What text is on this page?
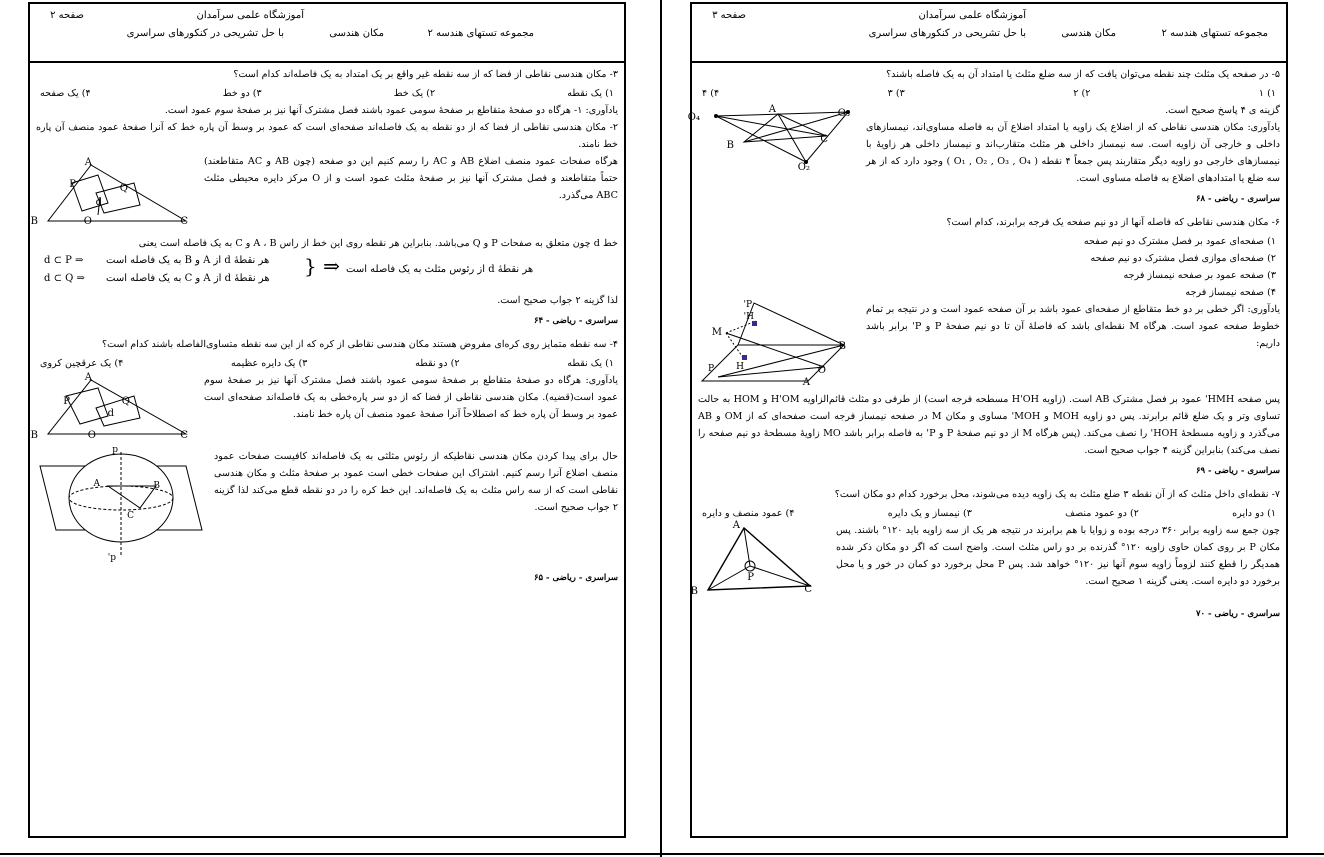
آموزشگاه علمی سرآمدان
صفحه ۲
مجموعه تستهای هندسه ۲
مکان هندسی
با حل تشریحی در کنکورهای سراسری
۳- مکان هندسی نقاطی از فضا که از سه نقطه غیر واقع بر یک امتداد به یک فاصله‌اند کدام است؟
۱) یک نقطه
۲) یک خط
۳) دو خط
۴) یک صفحه
یادآوری: ۱- هرگاه دو صفحهٔ متقاطع بر صفحهٔ سومی عمود باشند فصل مشترک آنها نیز بر صفحهٔ سوم عمود است.
۲- مکان هندسی نقاطی از فضا که از دو نقطه به یک فاصله‌اند صفحه‌ای است که عمود بر وسط آن پاره خط که آنرا صفحهٔ عمود منصف آن پاره خط نامند.
A
B	C
O
P	Q
d
هرگاه صفحات عمود منصف اضلاع AB و AC را رسم کنیم این دو صفحه (چون AB و AC متقاطعند) حتماً متقاطعند و فصل مشترک آنها نیز بر صفحهٔ مثلث عمود است و از O مرکز دایره محیطی مثلث ABC می‌گذرد.
خط d چون متعلق به صفحات P و Q می‌باشد. بنابراین هر نقطه روی این خط از راس A ، B و C به یک فاصله است یعنی
d ⊂ P ⇒ هر نقطهٔ d از A و B به یک فاصله است
d ⊂ Q ⇒ هر نقطهٔ d از A و C به یک فاصله است
} ⇒ هر نقطهٔ d از رئوس مثلث به یک فاصله است
لذا گزینه ۲ جواب صحیح است.
سراسری - ریاضی - ۶۴
۴- سه نقطه متمایز روی کره‌ای مفروض هستند مکان هندسی نقاطی از کره که از این سه نقطه متساوی‌الفاصله باشند کدام است؟
۱) یک نقطه
۲) دو نقطه
۳) یک دایره عظیمه
۴) یک عرقچین کروی
A
B	C
O
P	Q
d
یادآوری: هرگاه دو صفحهٔ متقاطع بر صفحهٔ سومی عمود باشند فصل مشترک آنها نیز بر صفحهٔ سوم عمود است(قضیه). مکان هندسی نقاطی از فضا که از دو سر پاره‌خطی به یک فاصله‌اند صفحه‌ای است عمود بر وسط آن پاره خط که اصطلاحاً آنرا صفحهٔ عمود منصف آن پاره خط نامند.
p
p'
A	B
C
حال برای پیدا کردن مکان هندسی نقاطیکه از رئوس مثلثی به یک فاصله‌اند کافیست صفحات عمود منصف اضلاع آنرا رسم کنیم. اشتراک این صفحات خطی است عمود بر صفحهٔ مثلث و مکان هندسی نقاطی است که از سه راس مثلث به یک فاصله‌اند. این خط کره را در دو نقطه قطع می‌کند لذا گزینه ۲ جواب صحیح است.
سراسری - ریاضی - ۶۵
آموزشگاه علمی سرآمدان
صفحه ۳
مجموعه تستهای هندسه ۲
مکان هندسی
با حل تشریحی در کنکورهای سراسری
۵- در صفحه یک مثلث چند نقطه می‌توان یافت که از سه ضلع مثلث یا امتداد آن به یک فاصله باشند؟
۱) ۱
۲) ۲
۳) ۳
۴) ۴
O₄	O₃
O₂
A
B
C
گزینه ی ۴ پاسخ صحیح است.
یادآوری: مکان هندسی نقاطی که از اضلاع یک زاویه یا امتداد اضلاع آن به فاصله مساوی‌اند، نیمسازهای داخلی و خارجی آن زاویه است. سه نیمساز داخلی هر مثلث متقارب‌اند و نیمساز داخلی هر زاویهٔ با نیمسازهای خارجی دو زاویه دیگر متقاربند پس جمعاً ۴ نقطه ( O₁ , O₂ , O₃ , O₄ ) وجود دارد که از هر سه ضلع یا امتدادهای اضلاع به فاصله مساوی است.
سراسری - ریاضی - ۶۸
۶- مکان هندسی نقاطی که فاصله آنها از دو نیم صفحه یک فرجه برابرند، کدام است؟
۱) صفحه‌ای عمود بر فصل مشترک دو نیم صفحه
۲) صفحه‌ای موازی فصل مشترک دو نیم صفحه
۳) صفحه عمود بر صفحه نیمساز فرجه
۴) صفحه نیمساز فرجه
M
H'
H
P'
P
B
O
A
یادآوری: اگر خطی بر دو خط متقاطع از صفحه‌ای عمود باشد بر آن صفحه عمود است و در نتیجه بر تمام خطوط صفحه عمود است. هرگاه M نقطه‌ای باشد که فاصلهٔ آن تا دو نیم صفحهٔ P و P' برابر باشد داریم:
پس صفحه HMH' عمود بر فصل مشترک AB است. (زاویه H'OH مسطحه فرجه است) از طرفی دو مثلث قائم‌الزاویه H'OM و HOM به حالت تساوی وتر و یک ضلع قائم برابرند. پس دو زاویه MOH و MOH' مساوی و مکان M در صفحه نیمساز فرجه است صفحه‌ای که از OM و AB می‌گذرد و زاویه مسطحهٔ HOH' را نصف می‌کند. (پس هرگاه M از دو نیم صفحهٔ P و P' به فاصله برابر باشد MO زاویهٔ مسطحهٔ دو نیم صفحه را نصف می‌کند) بنابراین گزینه ۴ جواب صحیح است.
سراسری - ریاضی - ۶۹
۷- نقطه‌ای داخل مثلث که از آن نقطه ۳ ضلع مثلث به یک زاویه دیده می‌شوند، محل برخورد کدام دو مکان است؟
۱) دو دایره
۲) دو عمود منصف
۳) نیمساز و یک دایره
۴) عمود منصف و دایره
A
B	C
P
چون جمع سه زاویه برابر ۳۶۰ درجه بوده و زوایا با هم برابرند در نتیجه هر یک از سه زاویه باید ۱۲۰° باشند. پس مکان P بر روی کمان حاوی زاویه ۱۲۰° گذرنده بر دو راس مثلث است. واضح است که اگر دو مکان ذکر شده همدیگر را قطع کنند لزوماً زاویه سوم آنها نیز ۱۲۰° خواهد شد. پس P محل برخورد دو کمان در خور و یا محل برخورد دو دایره است. یعنی گزینه ۱ صحیح است.
سراسری - ریاضی - ۷۰
